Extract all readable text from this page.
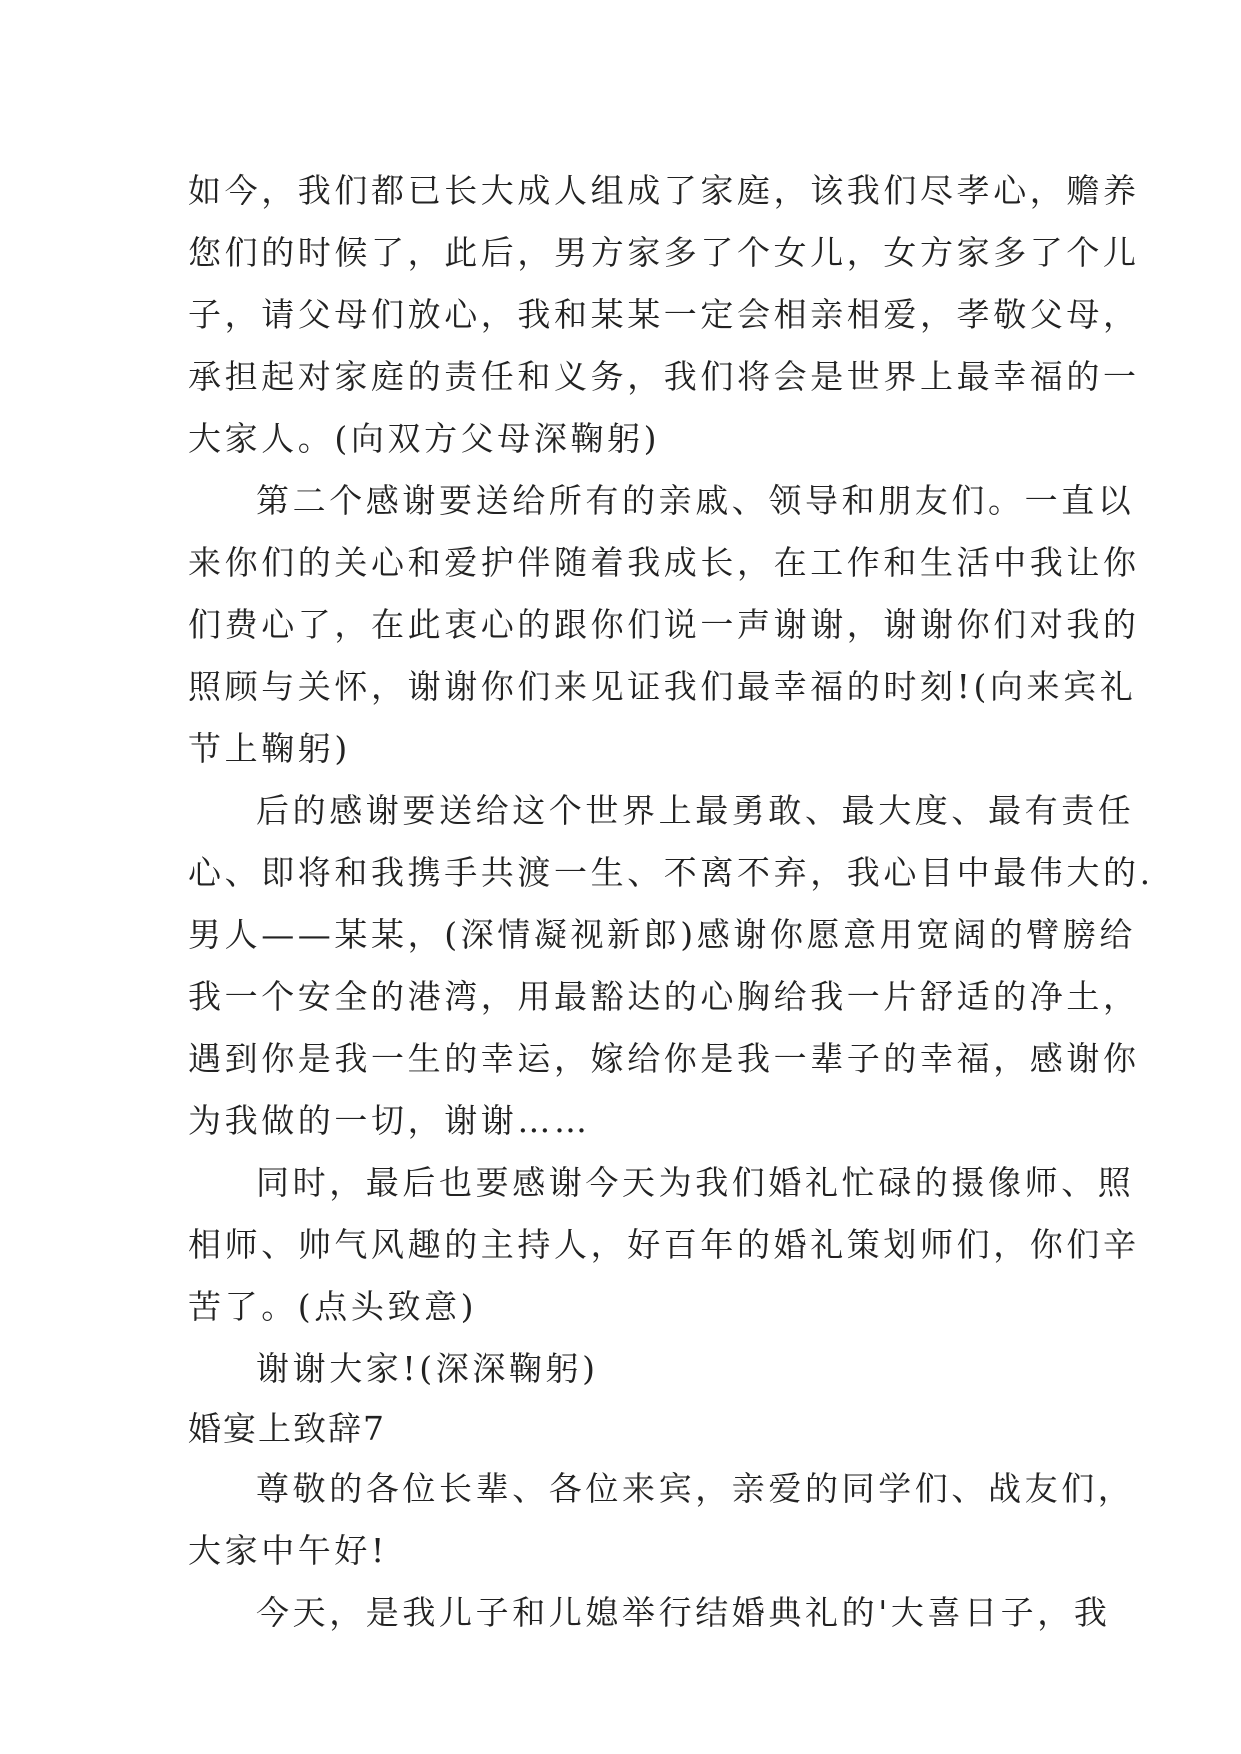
如今，我们都已长大成人组成了家庭，该我们尽孝心，赡养
您们的时候了，此后，男方家多了个女儿，女方家多了个儿
子，请父母们放心，我和某某一定会相亲相爱，孝敬父母，
承担起对家庭的责任和义务，我们将会是世界上最幸福的一
大家人。(向双方父母深鞠躬)
第二个感谢要送给所有的亲戚、领导和朋友们。一直以
来你们的关心和爱护伴随着我成长，在工作和生活中我让你
们费心了，在此衷心的跟你们说一声谢谢，谢谢你们对我的
照顾与关怀，谢谢你们来见证我们最幸福的时刻!(向来宾礼
节上鞠躬)
后的感谢要送给这个世界上最勇敢、最大度、最有责任
心、即将和我携手共渡一生、不离不弃，我心目中最伟大的.
男人——某某，(深情凝视新郎)感谢你愿意用宽阔的臂膀给
我一个安全的港湾，用最豁达的心胸给我一片舒适的净土，
遇到你是我一生的幸运，嫁给你是我一辈子的幸福，感谢你
为我做的一切，谢谢……
同时，最后也要感谢今天为我们婚礼忙碌的摄像师、照
相师、帅气风趣的主持人，好百年的婚礼策划师们，你们辛
苦了。(点头致意)
谢谢大家!(深深鞠躬)
婚宴上致辞7
尊敬的各位长辈、各位来宾，亲爱的同学们、战友们，
大家中午好!
今天，是我儿子和儿媳举行结婚典礼的'大喜日子，我
